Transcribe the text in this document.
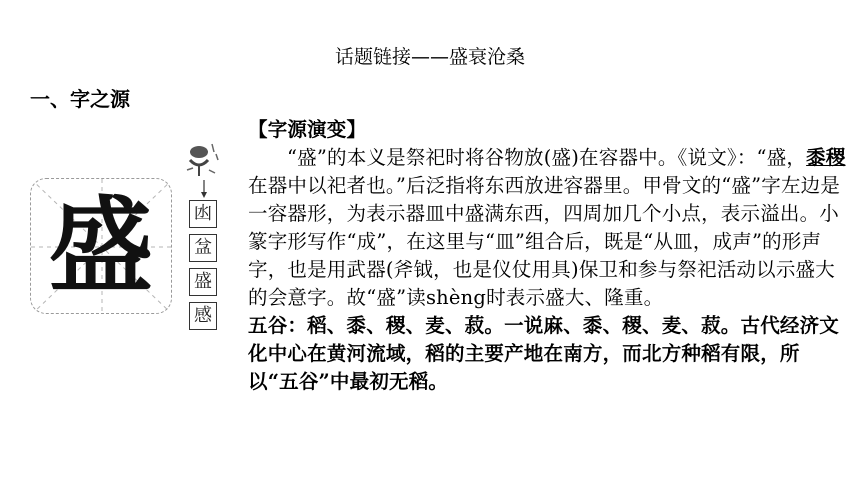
话题链接——盛衰沧桑
一、字之源
盛	凼
㿽
盛
感

【字源演变】

“盛”的本义是祭祀时将谷物放(盛)在容器中。《说文》：“盛，黍稷在器中以祀者也。”后泛指将东西放进容器里。甲骨文的“盛”字左边是一容器形，为表示器皿中盛满东西，四周加几个小点，表示溢出。小篆字形写作“成”，在这里与“皿”组合后，既是“从皿，成声”的形声字，也是用武器(斧钺，也是仪仗用具)保卫和参与祭祀活动以示盛大的会意字。故“盛”读shèng时表示盛大、隆重。

五谷：稻、黍、稷、麦、菽。一说麻、黍、稷、麦、菽。古代经济文化中心在黄河流域，稻的主要产地在南方，而北方种稻有限，所以“五谷”中最初无稻。
